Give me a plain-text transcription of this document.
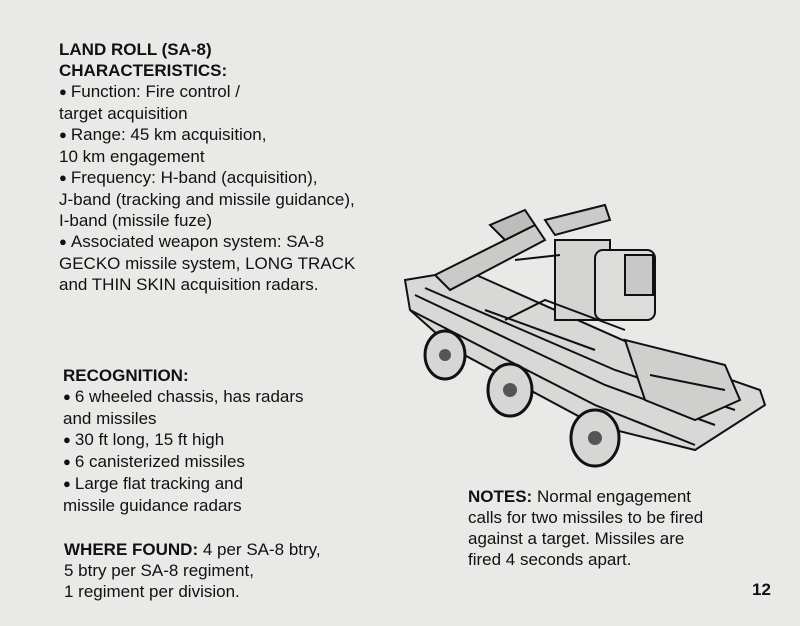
LAND ROLL (SA-8)
CHARACTERISTICS:
● Function: Fire control /
target acquisition
● Range: 45 km acquisition,
10 km engagement
● Frequency: H-band (acquisition),
J-band (tracking and missile guidance),
I-band (missile fuze)
● Associated weapon system: SA-8
GECKO missile system, LONG TRACK
and THIN SKIN acquisition radars.
RECOGNITION:
● 6 wheeled chassis, has radars
and missiles
● 30 ft long, 15 ft high
● 6 canisterized missiles
● Large flat tracking and
missile guidance radars
WHERE FOUND: 4 per SA-8 btry,
5 btry per SA-8 regiment,
1 regiment per division.
NOTES: Normal engagement
calls for two missiles to be fired
against a target. Missiles are
fired 4 seconds apart.
12
